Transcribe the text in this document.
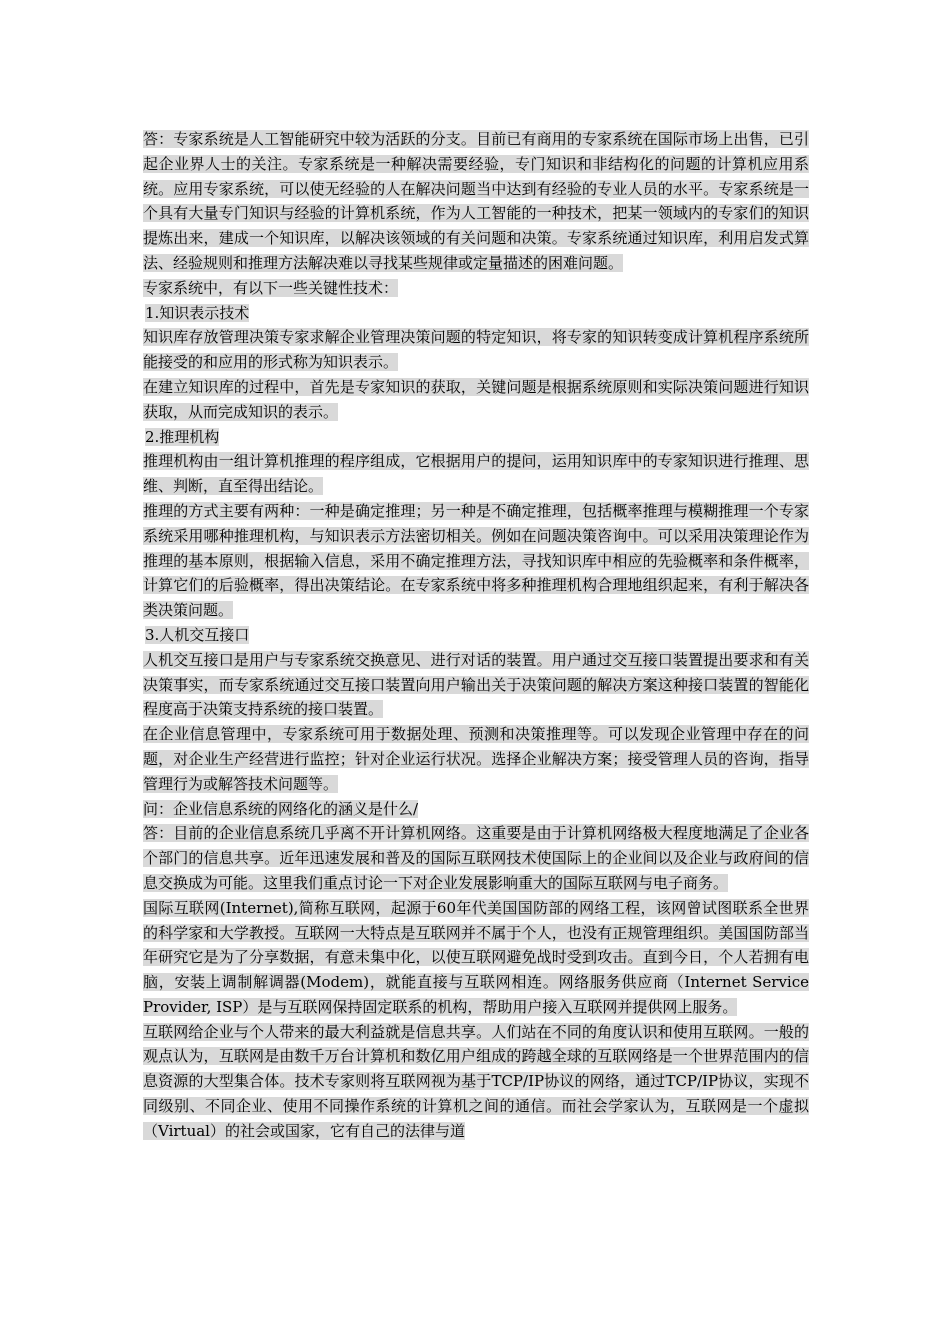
答：专家系统是人工智能研究中较为活跃的分支。目前已有商用的专家系统在国际市场上出售，已引起企业界人士的关注。专家系统是一种解决需要经验，专门知识和非结构化的问题的计算机应用系统。应用专家系统，可以使无经验的人在解决问题当中达到有经验的专业人员的水平。专家系统是一个具有大量专门知识与经验的计算机系统，作为人工智能的一种技术，把某一领域内的专家们的知识提炼出来，建成一个知识库，以解决该领域的有关问题和决策。专家系统通过知识库，利用启发式算法、经验规则和推理方法解决难以寻找某些规律或定量描述的困难问题。

专家系统中，有以下一些关键性技术：

1.知识表示技术

知识库存放管理决策专家求解企业管理决策问题的特定知识，将专家的知识转变成计算机程序系统所能接受的和应用的形式称为知识表示。

在建立知识库的过程中，首先是专家知识的获取，关键问题是根据系统原则和实际决策问题进行知识获取，从而完成知识的表示。

2.推理机构

推理机构由一组计算机推理的程序组成，它根据用户的提问，运用知识库中的专家知识进行推理、思维、判断，直至得出结论。

推理的方式主要有两种：一种是确定推理；另一种是不确定推理，包括概率推理与模糊推理一个专家系统采用哪种推理机构，与知识表示方法密切相关。例如在问题决策咨询中。可以采用决策理论作为推理的基本原则，根据输入信息，采用不确定推理方法，寻找知识库中相应的先验概率和条件概率，计算它们的后验概率，得出决策结论。在专家系统中将多种推理机构合理地组织起来，有利于解决各类决策问题。

3.人机交互接口

人机交互接口是用户与专家系统交换意见、进行对话的装置。用户通过交互接口装置提出要求和有关决策事实，而专家系统通过交互接口装置向用户输出关于决策问题的解决方案这种接口装置的智能化程度高于决策支持系统的接口装置。

在企业信息管理中，专家系统可用于数据处理、预测和决策推理等。可以发现企业管理中存在的问题，对企业生产经营进行监控；针对企业运行状况。选择企业解决方案；接受管理人员的咨询，指导管理行为或解答技术问题等。

问：企业信息系统的网络化的涵义是什么/

答：目前的企业信息系统几乎离不开计算机网络。这重要是由于计算机网络极大程度地满足了企业各个部门的信息共享。近年迅速发展和普及的国际互联网技术使国际上的企业间以及企业与政府间的信息交换成为可能。这里我们重点讨论一下对企业发展影响重大的国际互联网与电子商务。

国际互联网(Internet),简称互联网，起源于60年代美国国防部的网络工程，该网曾试图联系全世界的科学家和大学教授。互联网一大特点是互联网并不属于个人，也没有正规管理组织。美国国防部当年研究它是为了分享数据，有意未集中化，以使互联网避免战时受到攻击。直到今日，个人若拥有电脑，安装上调制解调器(Modem)，就能直接与互联网相连。网络服务供应商（Internet Service Provider, ISP）是与互联网保持固定联系的机构，帮助用户接入互联网并提供网上服务。

互联网给企业与个人带来的最大利益就是信息共享。人们站在不同的角度认识和使用互联网。一般的观点认为，互联网是由数千万台计算机和数亿用户组成的跨越全球的互联网络是一个世界范围内的信息资源的大型集合体。技术专家则将互联网视为基于TCP/IP协议的网络，通过TCP/IP协议，实现不同级别、不同企业、使用不同操作系统的计算机之间的通信。而社会学家认为，互联网是一个虚拟（Virtual）的社会或国家，它有自己的法律与道
